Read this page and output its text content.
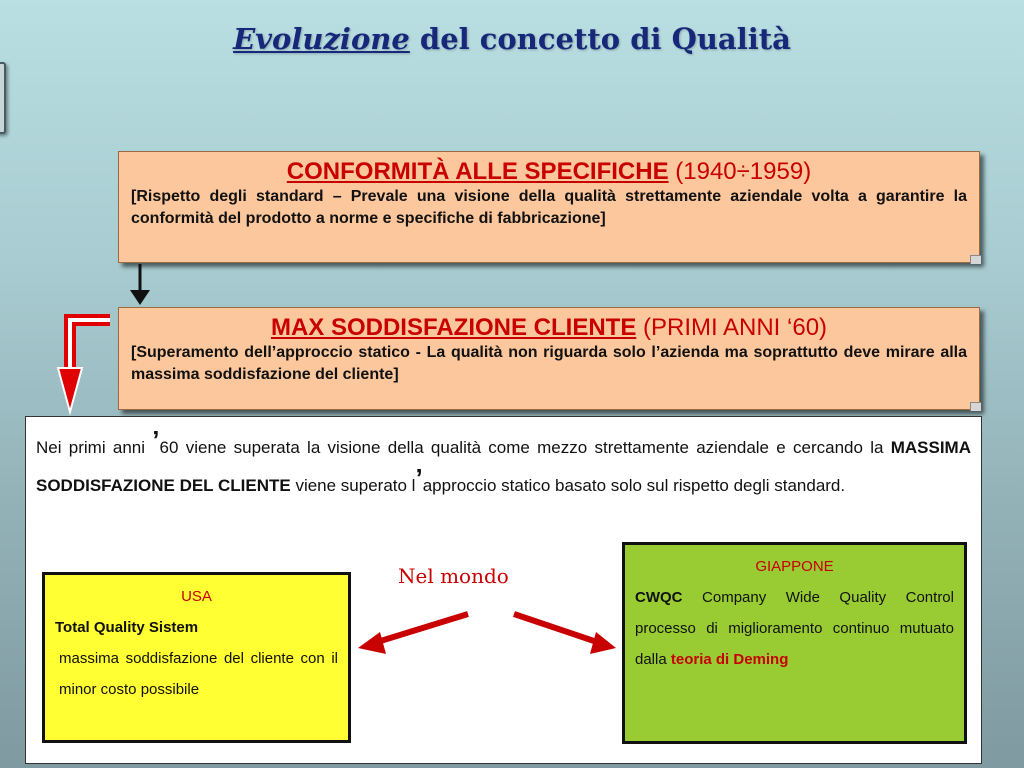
Evoluzione del concetto di Qualità
CONFORMITÀ ALLE SPECIFICHE (1940÷1959)
[Rispetto degli standard – Prevale una visione della qualità strettamente aziendale volta a garantire la conformità del prodotto a norme e specifiche di fabbricazione]
MAX SODDISFAZIONE CLIENTE (PRIMI ANNI ‘60)
[Superamento dell’approccio statico - La qualità non riguarda solo l’azienda ma soprattutto deve mirare alla massima soddisfazione del cliente]
Nei primi anni ’60 viene superata la visione della qualità come mezzo strettamente aziendale e cercando la MASSIMA SODDISFAZIONE DEL CLIENTE viene superato l’approccio statico basato solo sul rispetto degli standard.
USA
Total Quality Sistem
massima soddisfazione del cliente con il minor costo possibile
GIAPPONE
CWQC Company Wide Quality Control processo di miglioramento continuo mutuato dalla teoria di Deming
Nel mondo
